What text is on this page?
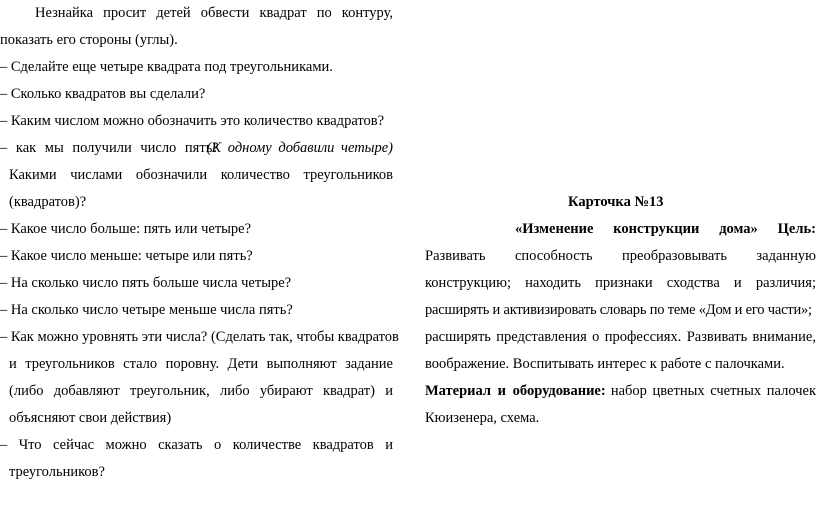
Незнайка просит детей обвести квадрат по контуру,
показать его стороны (углы).
– Сделайте еще четыре квадрата под треугольниками.
– Сколько квадратов вы сделали?
– Каким числом можно обозначить это количество квадратов?
– как мы получили число пять?
(К одному добавили четыре)
Какими числами обозначили количество треугольников
(квадратов)?
– Какое число больше: пять или четыре?
– Какое число меньше: четыре или пять?
– На сколько число пять больше числа четыре?
– На сколько число четыре меньше числа пять?
– Как можно уровнять эти числа? (Сделать так, чтобы квадратов
и треугольников стало поровну. Дети выполняют задание
(либо добавляют треугольник, либо убирают квадрат) и
объясняют свои действия)
– Что сейчас можно сказать о количестве квадратов и
треугольников?
Карточка №13
«Изменение конструкции дома» Цель:
Развивать способность преобразовывать заданную
конструкцию; находить признаки сходства и различия;
расширять и активизировать словарь по теме «Дом и его части»;
расширять представления о профессиях. Развивать внимание,
воображение. Воспитывать интерес к работе с палочками.
Материал и оборудование: набор цветных счетных палочек
Кюизенера, схема.
